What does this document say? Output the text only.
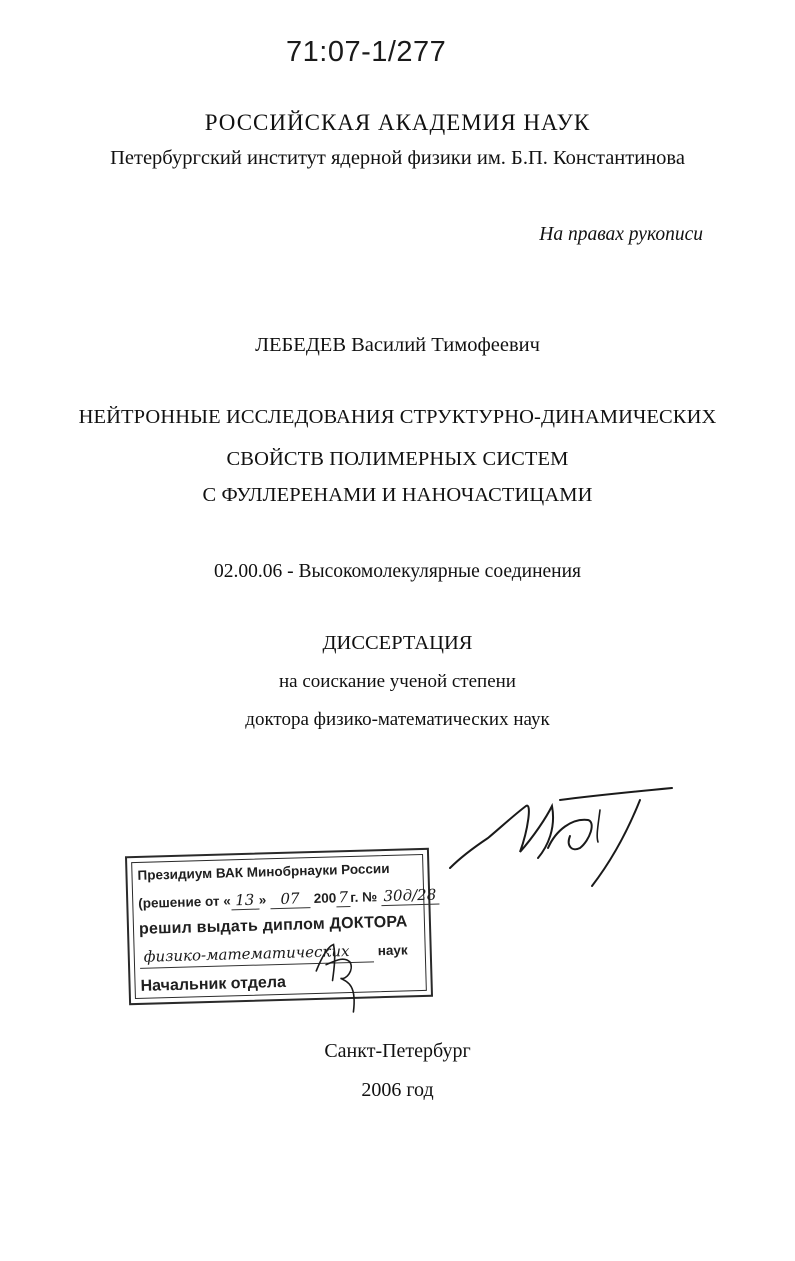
71:07-1/277
РОССИЙСКАЯ АКАДЕМИЯ НАУК
Петербургский институт ядерной физики им. Б.П. Константинова
На правах рукописи
ЛЕБЕДЕВ Василий Тимофеевич
НЕЙТРОННЫЕ ИССЛЕДОВАНИЯ СТРУКТУРНО-ДИНАМИЧЕСКИХ
СВОЙСТВ ПОЛИМЕРНЫХ СИСТЕМ
С ФУЛЛЕРЕНАМИ И НАНОЧАСТИЦАМИ
02.00.06 - Высокомолекулярные соединения
ДИССЕРТАЦИЯ
на соискание ученой степени
доктора физико-математических наук
Президиум ВАК Минобрнауки России
(решение от « 13 » 07 200 7 г. № 30д/28
решил выдать диплом ДОКТОРА
физико-математических наук
Начальник отдела
Санкт-Петербург
2006 год
